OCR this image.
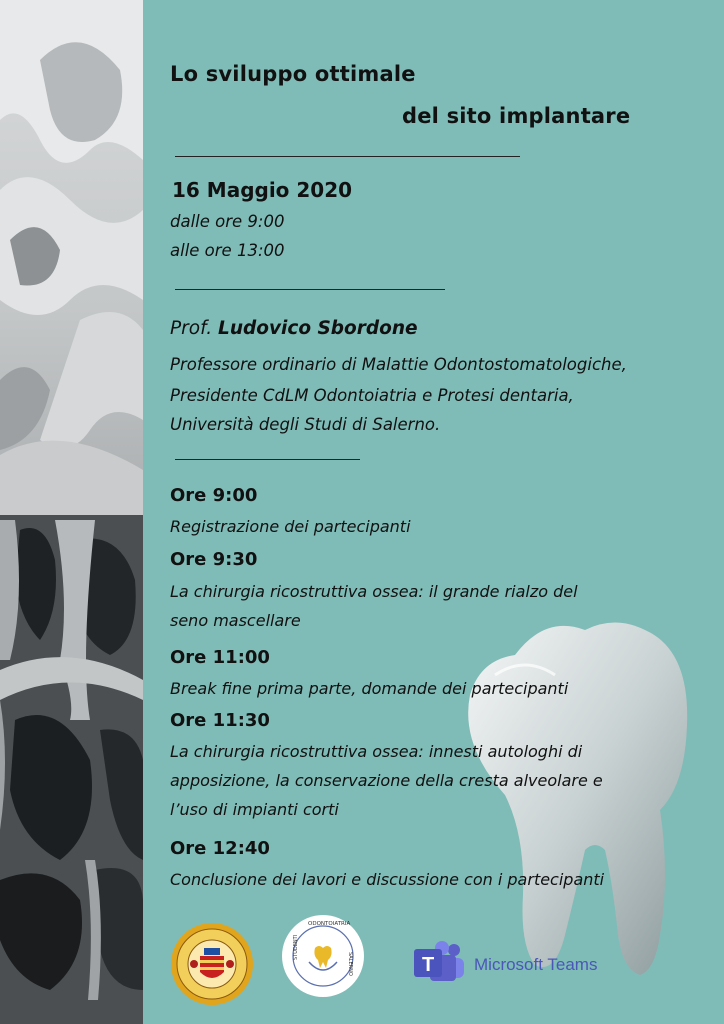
Lo sviluppo ottimale
del sito implantare
16 Maggio 2020
dalle ore 9:00
alle ore 13:00
Prof. Ludovico Sbordone
Professore ordinario di Malattie Odontostomatologiche,
Presidente CdLM Odontoiatria e Protesi dentaria,
Università degli Studi di Salerno.
Ore 9:00
Registrazione dei partecipanti
Ore 9:30
La chirurgia ricostruttiva ossea: il grande rialzo del
seno mascellare
Ore 11:00
Break fine prima parte, domande dei partecipanti
Ore 11:30
La chirurgia ricostruttiva ossea: innesti autologhi di
apposizione, la conservazione della cresta alveolare e
l’uso di impianti corti
Ore 12:40
Conclusione dei lavori e discussione con i partecipanti
STUDENTI
ODONTOIATRIA
SALERNO	T Microsoft Teams
